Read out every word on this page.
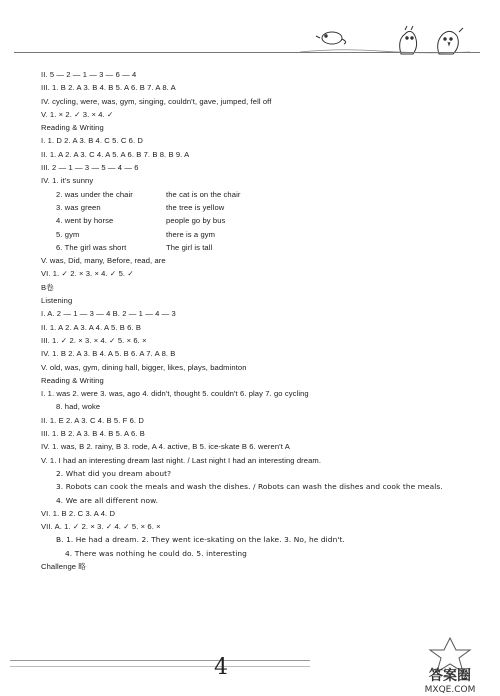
II. 5 — 2 — 1 — 3 — 6 — 4
III. 1. B 2. A 3. B 4. B 5. A 6. B 7. A 8. A
IV. cycling, were, was, gym, singing, couldn't, gave, jumped, fell off
V. 1. × 2. ✓ 3. × 4. ✓
Reading & Writing
I. 1. D 2. A 3. B 4. C 5. C 6. D
II. 1. A 2. A 3. C 4. A 5. A 6. B 7. B 8. B 9. A
III. 2 — 1 — 3 — 5 — 4 — 6
IV. 1. it's sunny
2. was under the chair	the cat is on the chair
3. was green	the tree is yellow
4. went by horse	people go by bus
5. gym	there is a gym
6. The girl was short	The girl is tall
V. was, Did, many, Before, read, are
VI. 1. ✓ 2. × 3. × 4. ✓ 5. ✓
B卷
Listening
I. A. 2 — 1 — 3 — 4 B. 2 — 1 — 4 — 3
II. 1. A 2. A 3. A 4. A 5. B 6. B
III. 1. ✓ 2. × 3. × 4. ✓ 5. × 6. ×
IV. 1. B 2. A 3. B 4. A 5. B 6. A 7. A 8. B
V. old, was, gym, dining hall, bigger, likes, plays, badminton
Reading & Writing
I. 1. was 2. were 3. was, ago 4. didn't, thought 5. couldn't 6. play 7. go cycling
8. had, woke
II. 1. E 2. A 3. C 4. B 5. F 6. D
III. 1. B 2. A 3. B 4. B 5. A 6. B
IV. 1. was, B 2. rainy, B 3. rode, A 4. active, B 5. ice-skate B 6. weren't A
V. 1. I had an interesting dream last night. / Last night I had an interesting dream.
2. What did you dream about?
3. Robots can cook the meals and wash the dishes. / Robots can wash the dishes and cook the meals.
4. We are all different now.
VI. 1. B 2. C 3. A 4. D
VII. A. 1. ✓ 2. × 3. ✓ 4. ✓ 5. × 6. ×
B. 1. He had a dream. 2. They went ice-skating on the lake. 3. No, he didn't.
4. There was nothing he could do. 5. interesting
Challenge 略
4	答案圈
MXQE.COM
